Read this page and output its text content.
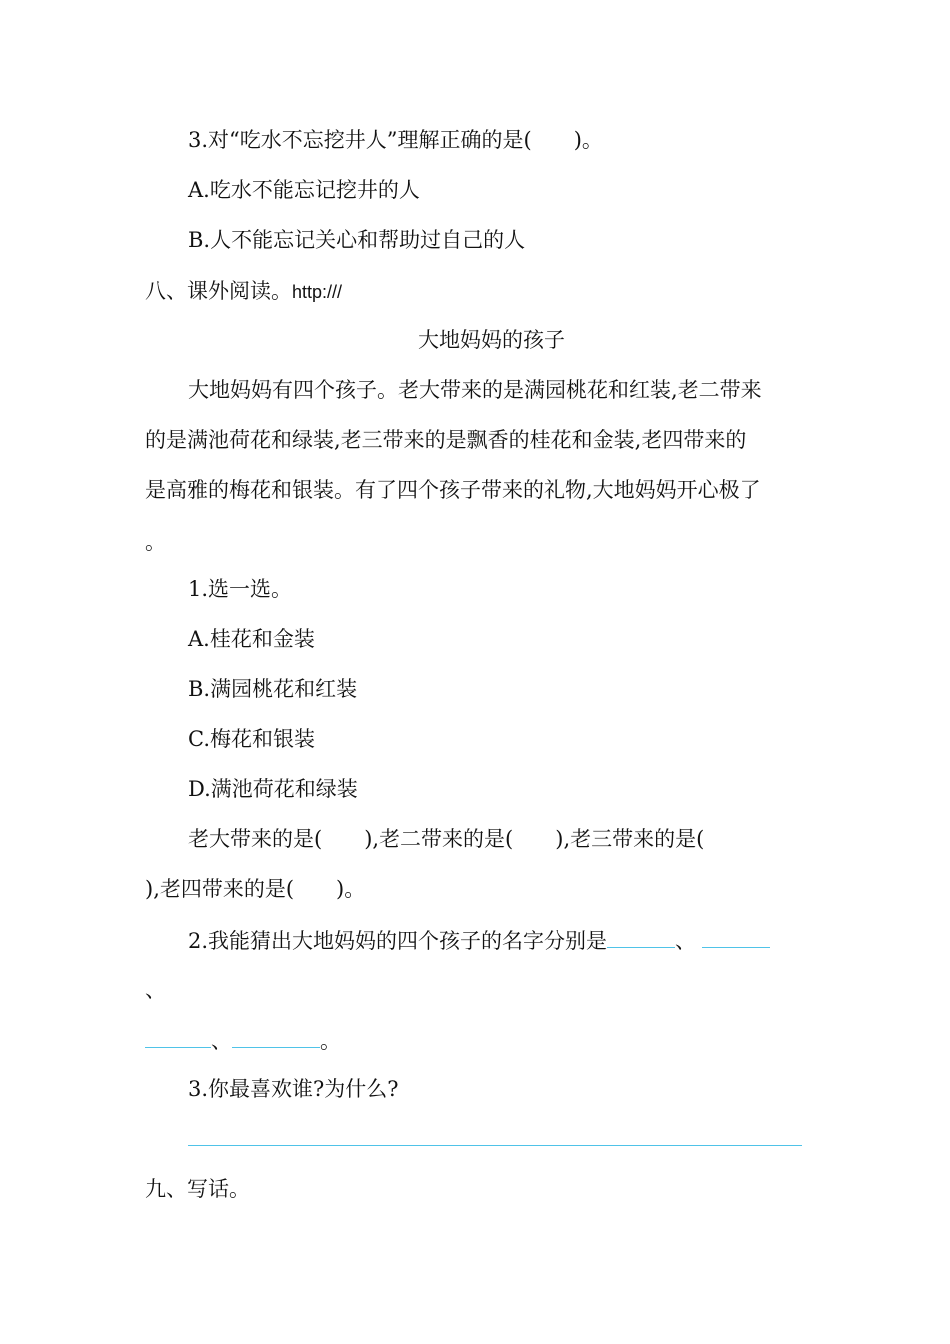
3.对“吃水不忘挖井人”理解正确的是(　　)。
A.吃水不能忘记挖井的人
B.人不能忘记关心和帮助过自己的人
八、课外阅读。http:///
大地妈妈的孩子
大地妈妈有四个孩子。老大带来的是满园桃花和红装,老二带来
的是满池荷花和绿装,老三带来的是飘香的桂花和金装,老四带来的
是高雅的梅花和银装。有了四个孩子带来的礼物,大地妈妈开心极了
。
1.选一选。
A.桂花和金装
B.满园桃花和红装
C.梅花和银装
D.满池荷花和绿装
老大带来的是(　　),老二带来的是(　　),老三带来的是(
),老四带来的是(　　)。
2.我能猜出大地妈妈的四个孩子的名字分别是	、
、
、	。
3.你最喜欢谁?为什么?
九、写话。
